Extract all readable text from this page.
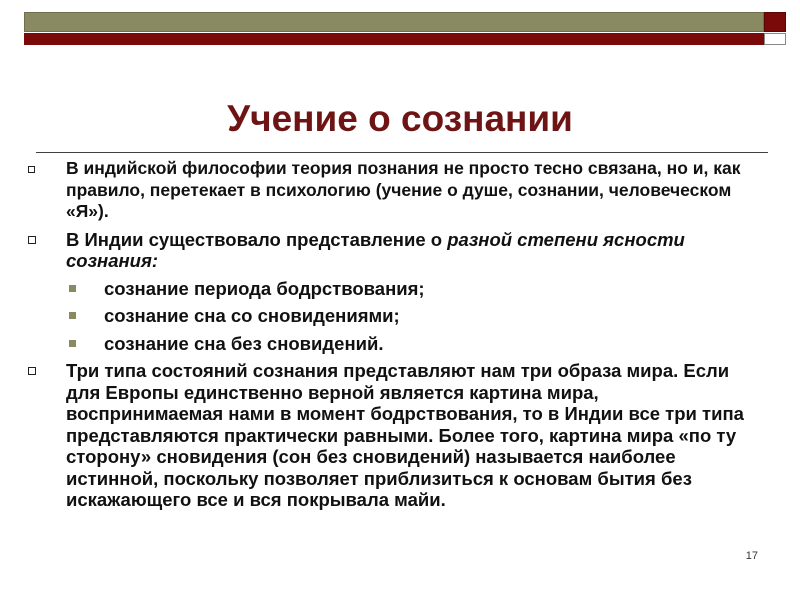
Учение о сознании
В индийской философии теория познания не просто тесно связана, но и, как правило, перетекает в психологию (учение о душе, сознании, человеческом «Я»).
В Индии существовало представление о разной степени ясности сознания:
сознание периода бодрствования;
сознание сна со сновидениями;
сознание сна без сновидений.
Три типа состояний сознания представляют нам три образа мира. Если для Европы единственно верной является картина мира, воспринимаемая нами в момент бодрствования, то в Индии все три типа представляются практически равными. Более того, картина мира «по ту сторону» сновидения (сон без сновидений) называется наиболее истинной, поскольку позволяет приблизиться к основам бытия без искажающего все и вся покрывала майи.
17
